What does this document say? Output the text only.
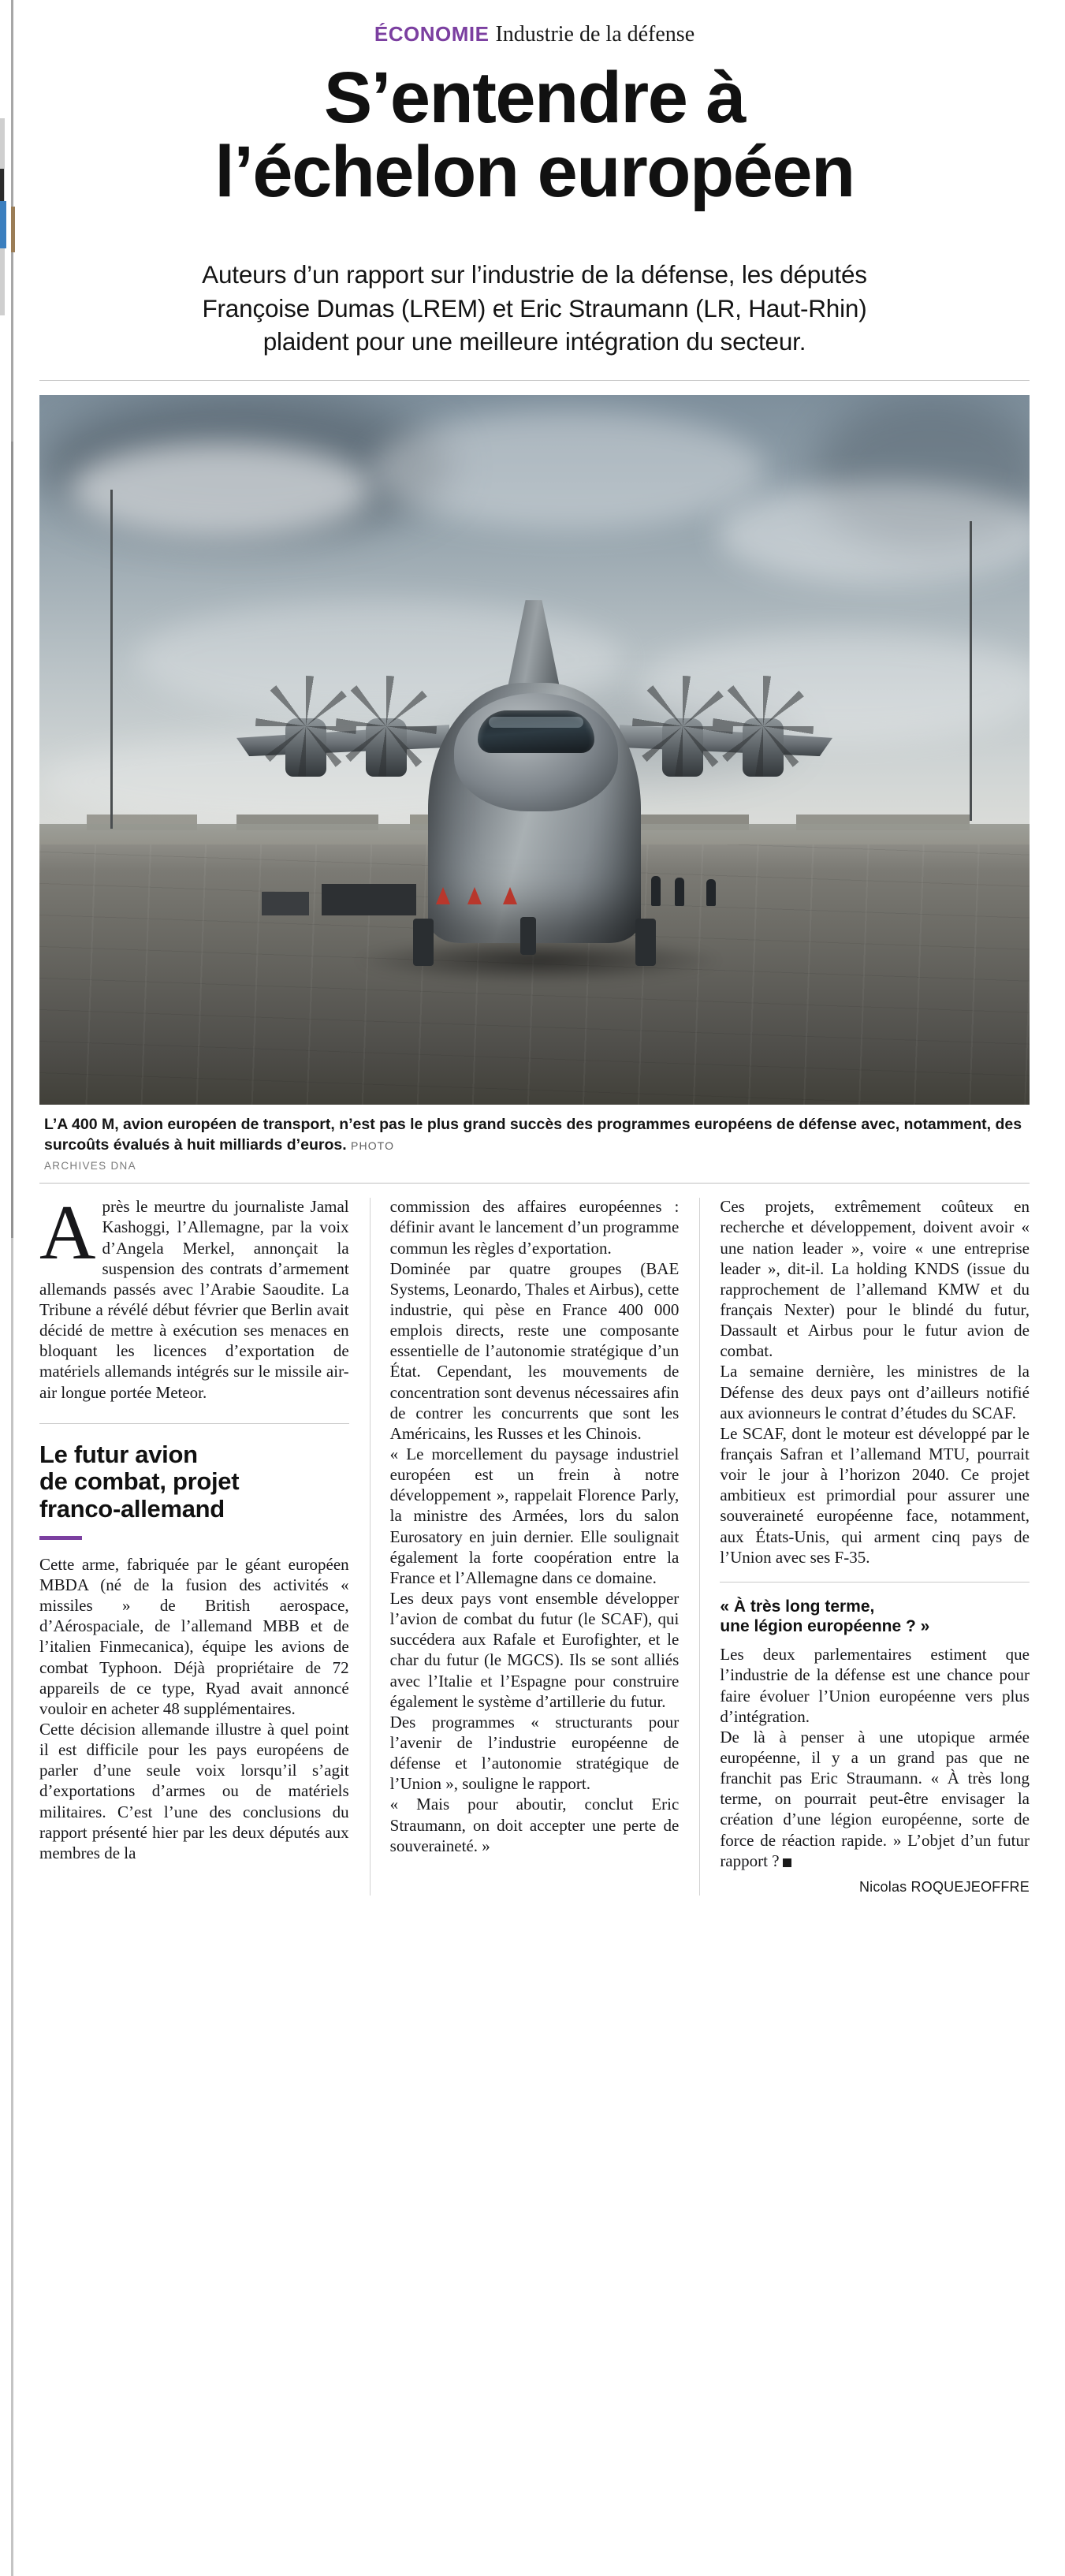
ÉCONOMIE Industrie de la défense
S’entendre à
l’échelon européen
Auteurs d’un rapport sur l’industrie de la défense, les députés
Françoise Dumas (LREM) et Eric Straumann (LR, Haut-Rhin)
plaident pour une meilleure intégration du secteur.
L’A 400 M, avion européen de transport, n’est pas le plus grand succès des programmes européens de défense avec, notamment, des surcoûts évalués à huit milliards d’euros. PHOTO
ARCHIVES DNA

Après le meurtre du journaliste Jamal Kashoggi, l’Allemagne, par la voix d’Angela Merkel, annonçait la suspension des contrats d’armement allemands passés avec l’Arabie Saoudite. La Tribune a révélé début février que Berlin avait décidé de mettre à exécution ses menaces en bloquant les licences d’exportation de matériels allemands intégrés sur le missile air-air longue portée Meteor.

Le futur avion
de combat, projet
franco-allemand

Cette arme, fabriquée par le géant européen MBDA (né de la fusion des activités « missiles » de British aerospace, d’Aérospaciale, de l’allemand MBB et de l’italien Finmecanica), équipe les avions de combat Typhoon. Déjà propriétaire de 72 appareils de ce type, Ryad avait annoncé vouloir en acheter 48 supplémentaires.

Cette décision allemande illustre à quel point il est difficile pour les pays européens de parler d’une seule voix lorsqu’il s’agit d’exportations d’armes ou de matériels militaires. C’est l’une des conclusions du rapport présenté hier par les deux députés aux membres de la

commission des affaires européennes : définir avant le lancement d’un programme commun les règles d’exportation.

Dominée par quatre groupes (BAE Systems, Leonardo, Thales et Airbus), cette industrie, qui pèse en France 400 000 emplois directs, reste une composante essentielle de l’autonomie stratégique d’un État. Cependant, les mouvements de concentration sont devenus nécessaires afin de contrer les concurrents que sont les Américains, les Russes et les Chinois.

« Le morcellement du paysage industriel européen est un frein à notre développement », rappelait Florence Parly, la ministre des Armées, lors du salon Eurosatory en juin dernier. Elle soulignait également la forte coopération entre la France et l’Allemagne dans ce domaine.

Les deux pays vont ensemble développer l’avion de combat du futur (le SCAF), qui succédera aux Rafale et Eurofighter, et le char du futur (le MGCS). Ils se sont alliés avec l’Italie et l’Espagne pour construire également le système d’artillerie du futur.

Des programmes « structurants pour l’avenir de l’industrie européenne de défense et l’autonomie stratégique de l’Union », souligne le rapport.

« Mais pour aboutir, conclut Eric Straumann, on doit accepter une perte de souveraineté. »

Ces projets, extrêmement coûteux en recherche et développement, doivent avoir « une nation leader », voire « une entreprise leader », dit-il. La holding KNDS (issue du rapprochement de l’allemand KMW et du français Nexter) pour le blindé du futur, Dassault et Airbus pour le futur avion de combat.

La semaine dernière, les ministres de la Défense des deux pays ont d’ailleurs notifié aux avionneurs le contrat d’études du SCAF.

Le SCAF, dont le moteur est développé par le français Safran et l’allemand MTU, pourrait voir le jour à l’horizon 2040. Ce projet ambitieux est primordial pour assurer une souveraineté européenne face, notamment, aux États-Unis, qui arment cinq pays de l’Union avec ses F-35.

« À très long terme,
une légion européenne ? »

Les deux parlementaires estiment que l’industrie de la défense est une chance pour faire évoluer l’Union européenne vers plus d’intégration.

De là à penser à une utopique armée européenne, il y a un grand pas que ne franchit pas Eric Straumann. « À très long terme, on pourrait peut-être envisager la création d’une légion européenne, sorte de force de réaction rapide. » L’objet d’un futur rapport ?

Nicolas ROQUEJEOFFRE
